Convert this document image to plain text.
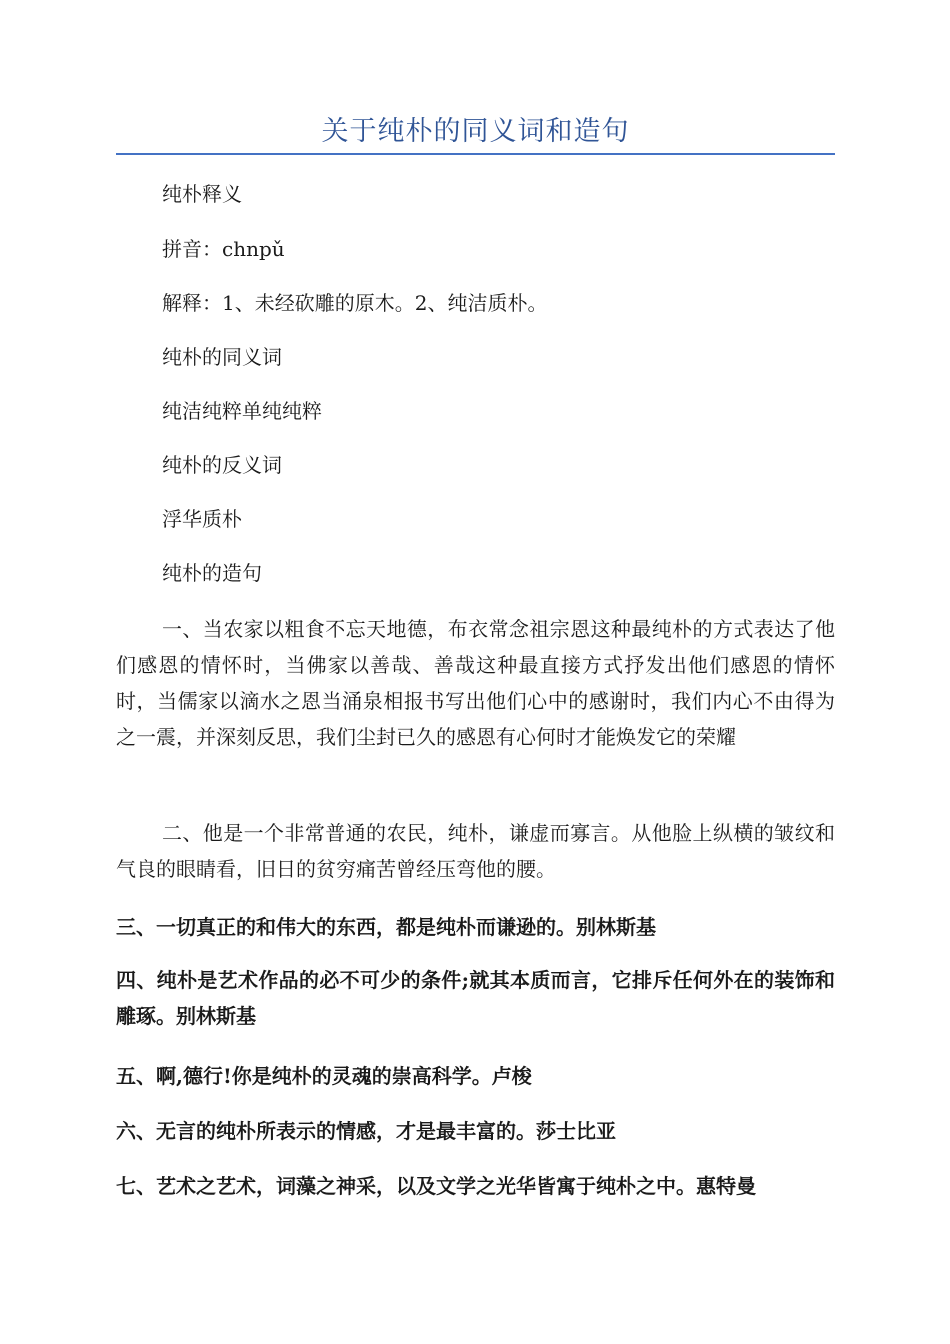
关于纯朴的同义词和造句

纯朴释义

拼音：chnpǔ

解释：1、未经砍雕的原木。2、纯洁质朴。

纯朴的同义词

纯洁纯粹单纯纯粹

纯朴的反义词

浮华质朴

纯朴的造句

一、当农家以粗食不忘天地德，布衣常念祖宗恩这种最纯朴的方式表达了他们感恩的情怀时，当佛家以善哉、善哉这种最直接方式抒发出他们感恩的情怀时，当儒家以滴水之恩当涌泉相报书写出他们心中的感谢时，我们内心不由得为之一震，并深刻反思，我们尘封已久的感恩有心何时才能焕发它的荣耀

二、他是一个非常普通的农民，纯朴，谦虚而寡言。从他脸上纵横的皱纹和气良的眼睛看，旧日的贫穷痛苦曾经压弯他的腰。

三、一切真正的和伟大的东西，都是纯朴而谦逊的。别林斯基

四、纯朴是艺术作品的必不可少的条件;就其本质而言，它排斥任何外在的装饰和雕琢。别林斯基

五、啊,德行!你是纯朴的灵魂的崇高科学。卢梭

六、无言的纯朴所表示的情感，才是最丰富的。莎士比亚

七、艺术之艺术，词藻之神采，以及文学之光华皆寓于纯朴之中。惠特曼
